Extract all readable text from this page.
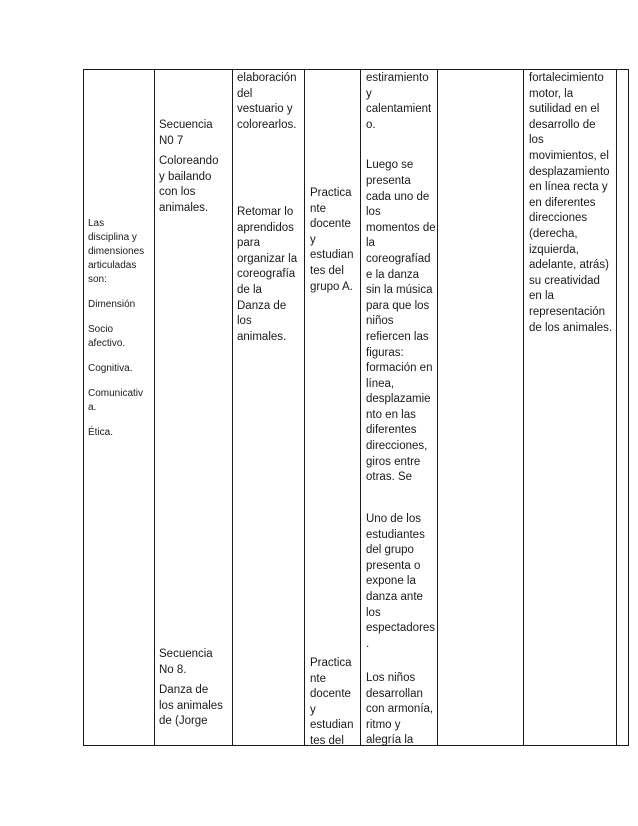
Las
disciplina y
dimensiones
articuladas
son:

Dimensión

Socio
afectivo.

Cognitiva.

Comunicativ
a.

Ética.

Secuencia
N0 7

Coloreando
y bailando
con los
animales.

Secuencia
No 8.

Danza de
los animales
de (Jorge

elaboración
del
vestuario y
colorearlos.

Retomar lo
aprendidos
para
organizar la
coreografía
de la
Danza de
los
animales.

Practica
nte
docente
y
estudian
tes del
grupo A.

Practica
nte
docente
y
estudian
tes del

estiramiento
y
calentamient
o.

Luego se
presenta
cada uno de
los
momentos de
la
coreografíad
e la danza
sin la música
para que los
niños
refiercen las
figuras:
formación en
línea,
desplazamie
nto en las
diferentes
direcciones,
giros entre
otras. Se

Uno de los
estudiantes
del grupo
presenta o
expone la
danza ante
los
espectadores
.

Los niños
desarrollan
con armonía,
ritmo y
alegría la

fortalecimiento
motor, la
sutilidad en el
desarrollo de
los
movimientos, el
desplazamiento
en línea recta y
en diferentes
direcciones
(derecha,
izquierda,
adelante, atrás)
su creatividad
en la
representación
de los animales.
